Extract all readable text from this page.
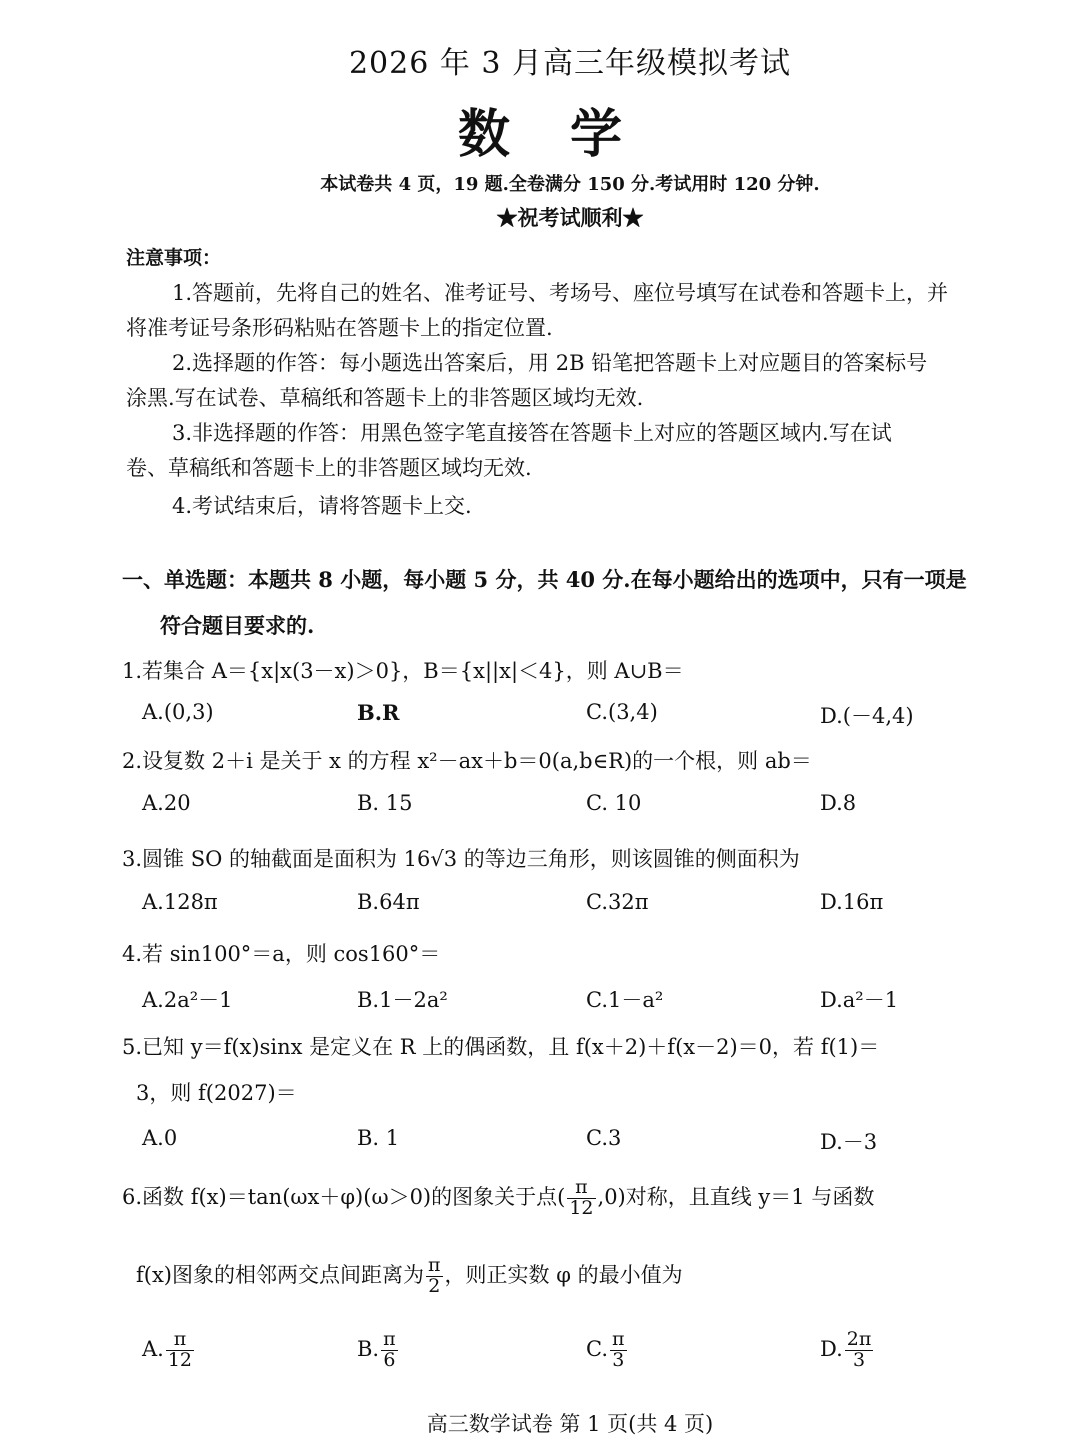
2026 年 3 月高三年级模拟考试
数学
本试卷共 4 页，19 题.全卷满分 150 分.考试用时 120 分钟.
★祝考试顺利★
注意事项：
1.答题前，先将自己的姓名、准考证号、考场号、座位号填写在试卷和答题卡上，并
将准考证号条形码粘贴在答题卡上的指定位置.
2.选择题的作答：每小题选出答案后，用 2B 铅笔把答题卡上对应题目的答案标号
涂黑.写在试卷、草稿纸和答题卡上的非答题区域均无效.
3.非选择题的作答：用黑色签字笔直接答在答题卡上对应的答题区域内.写在试
卷、草稿纸和答题卡上的非答题区域均无效.
4.考试结束后，请将答题卡上交.
一、单选题：本题共 8 小题，每小题 5 分，共 40 分.在每小题给出的选项中，只有一项是
符合题目要求的.
1.若集合 A＝{x|x(3－x)＞0}，B＝{x||x|＜4}，则 A∪B＝
A.(0,3)	B.R	C.(3,4)	D.(－4,4)
2.设复数 2＋i 是关于 x 的方程 x²－ax＋b＝0(a,b∈R)的一个根，则 ab＝
A.20	B. 15	C. 10	D.8
3.圆锥 SO 的轴截面是面积为 16√3 的等边三角形，则该圆锥的侧面积为
A.128π	B.64π	C.32π	D.16π
4.若 sin100°＝a，则 cos160°＝
A.2a²－1	B.1－2a²	C.1－a²	D.a²－1
5.已知 y＝f(x)sinx 是定义在 R 上的偶函数，且 f(x＋2)＋f(x－2)＝0，若 f(1)＝
3，则 f(2027)＝
A.0	B. 1	C.3	D.－3
6.函数 f(x)＝tan(ωx＋φ)(ω＞0)的图象关于点( $\frac{\pi}{12} ,0$)对称，且直线 y＝1 与函数
f(x)图象的相邻两交点间距离为 $\frac{\pi}{2}$ ，则正实数 φ 的最小值为
A. $\frac{\pi}{12}$	B. $\frac{\pi}{6}$	C. $\frac{\pi}{3}$	D. $\frac{2\pi}{3}$
高三数学试卷 第 1 页(共 4 页)
